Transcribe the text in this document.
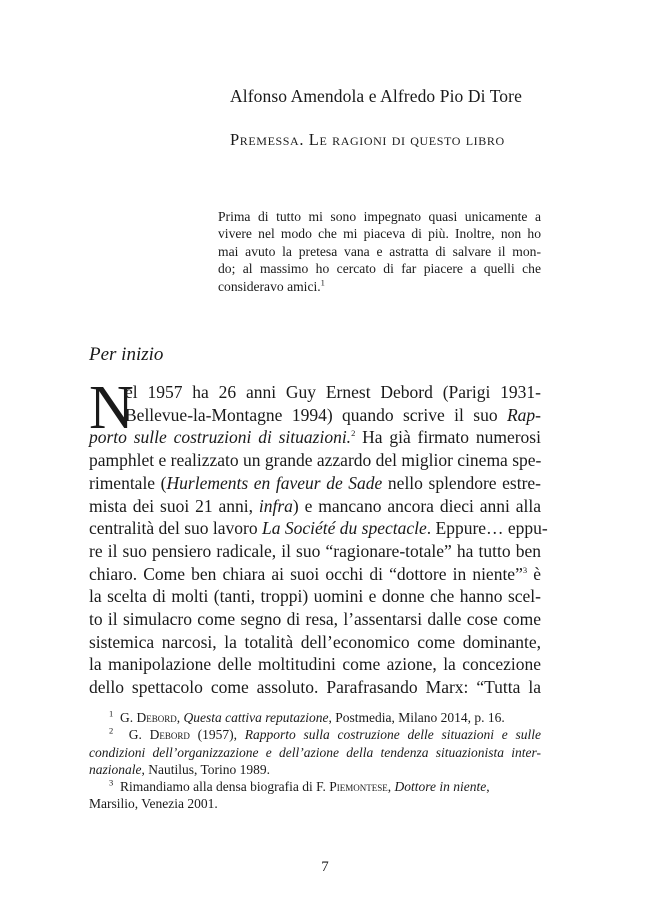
Alfonso Amendola e Alfredo Pio Di Tore
Premessa. Le ragioni di questo libro
Prima di tutto mi sono impegnato quasi unicamente a
vivere nel modo che mi piaceva di più. Inoltre, non ho
mai avuto la pretesa vana e astratta di salvare il mon-
do; al massimo ho cercato di far piacere a quelli che
consideravo amici.$^1$
Per inizio
N
el 1957 ha 26 anni Guy Ernest Debord (Parigi 1931-
Bellevue-la-Montagne 1994) quando scrive il suo Rap-
porto sulle costruzioni di situazioni.$^2$ Ha già firmato numerosi
pamphlet e realizzato un grande azzardo del miglior cinema spe-
rimentale (Hurlements en faveur de Sade nello splendore estre-
mista dei suoi 21 anni, infra) e mancano ancora dieci anni alla
centralità del suo lavoro La Société du spectacle. Eppure… eppu-
re il suo pensiero radicale, il suo “ragionare-totale” ha tutto ben
chiaro. Come ben chiara ai suoi occhi di “dottore in niente”$^3$ è
la scelta di molti (tanti, troppi) uomini e donne che hanno scel-
to il simulacro come segno di resa, l’assentarsi dalle cose come
sistemica narcosi, la totalità dell’economico come dominante,
la manipolazione delle moltitudini come azione, la concezione
dello spettacolo come assoluto. Parafrasando Marx: “Tutta la
$^1$ G. Debord, Questa cattiva reputazione, Postmedia, Milano 2014, p. 16.
$^2$ G. Debord (1957), Rapporto sulla costruzione delle situazioni e sulle
condizioni dell’organizzazione e dell’azione della tendenza situazionista inter-
nazionale, Nautilus, Torino 1989.
$^3$ Rimandiamo alla densa biografia di F. Piemontese, Dottore in niente,
Marsilio, Venezia 2001.
7
